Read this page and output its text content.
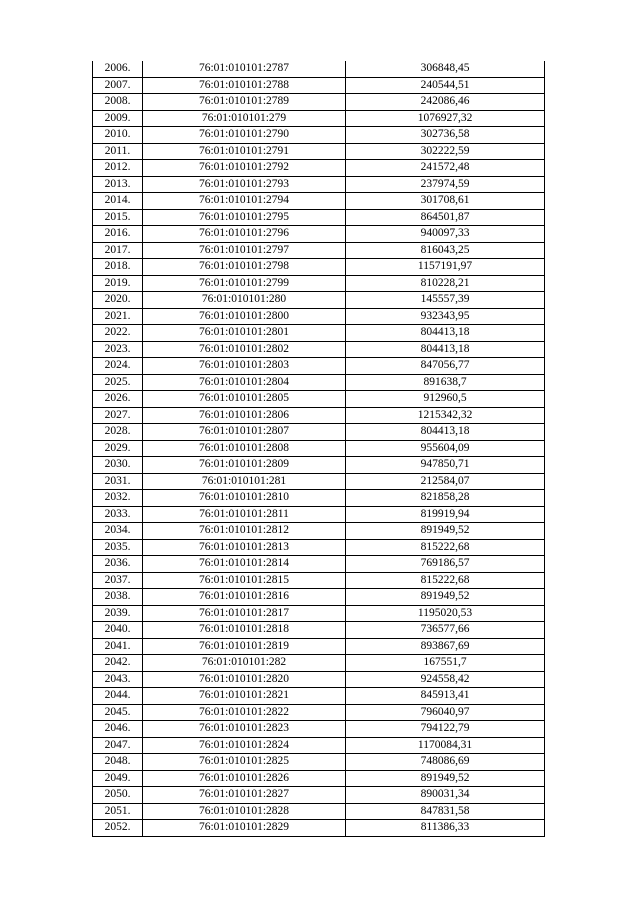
2006.	76:01:010101:2787	306848,45
2007.	76:01:010101:2788	240544,51
2008.	76:01:010101:2789	242086,46
2009.	76:01:010101:279	1076927,32
2010.	76:01:010101:2790	302736,58
2011.	76:01:010101:2791	302222,59
2012.	76:01:010101:2792	241572,48
2013.	76:01:010101:2793	237974,59
2014.	76:01:010101:2794	301708,61
2015.	76:01:010101:2795	864501,87
2016.	76:01:010101:2796	940097,33
2017.	76:01:010101:2797	816043,25
2018.	76:01:010101:2798	1157191,97
2019.	76:01:010101:2799	810228,21
2020.	76:01:010101:280	145557,39
2021.	76:01:010101:2800	932343,95
2022.	76:01:010101:2801	804413,18
2023.	76:01:010101:2802	804413,18
2024.	76:01:010101:2803	847056,77
2025.	76:01:010101:2804	891638,7
2026.	76:01:010101:2805	912960,5
2027.	76:01:010101:2806	1215342,32
2028.	76:01:010101:2807	804413,18
2029.	76:01:010101:2808	955604,09
2030.	76:01:010101:2809	947850,71
2031.	76:01:010101:281	212584,07
2032.	76:01:010101:2810	821858,28
2033.	76:01:010101:2811	819919,94
2034.	76:01:010101:2812	891949,52
2035.	76:01:010101:2813	815222,68
2036.	76:01:010101:2814	769186,57
2037.	76:01:010101:2815	815222,68
2038.	76:01:010101:2816	891949,52
2039.	76:01:010101:2817	1195020,53
2040.	76:01:010101:2818	736577,66
2041.	76:01:010101:2819	893867,69
2042.	76:01:010101:282	167551,7
2043.	76:01:010101:2820	924558,42
2044.	76:01:010101:2821	845913,41
2045.	76:01:010101:2822	796040,97
2046.	76:01:010101:2823	794122,79
2047.	76:01:010101:2824	1170084,31
2048.	76:01:010101:2825	748086,69
2049.	76:01:010101:2826	891949,52
2050.	76:01:010101:2827	890031,34
2051.	76:01:010101:2828	847831,58
2052.	76:01:010101:2829	811386,33
